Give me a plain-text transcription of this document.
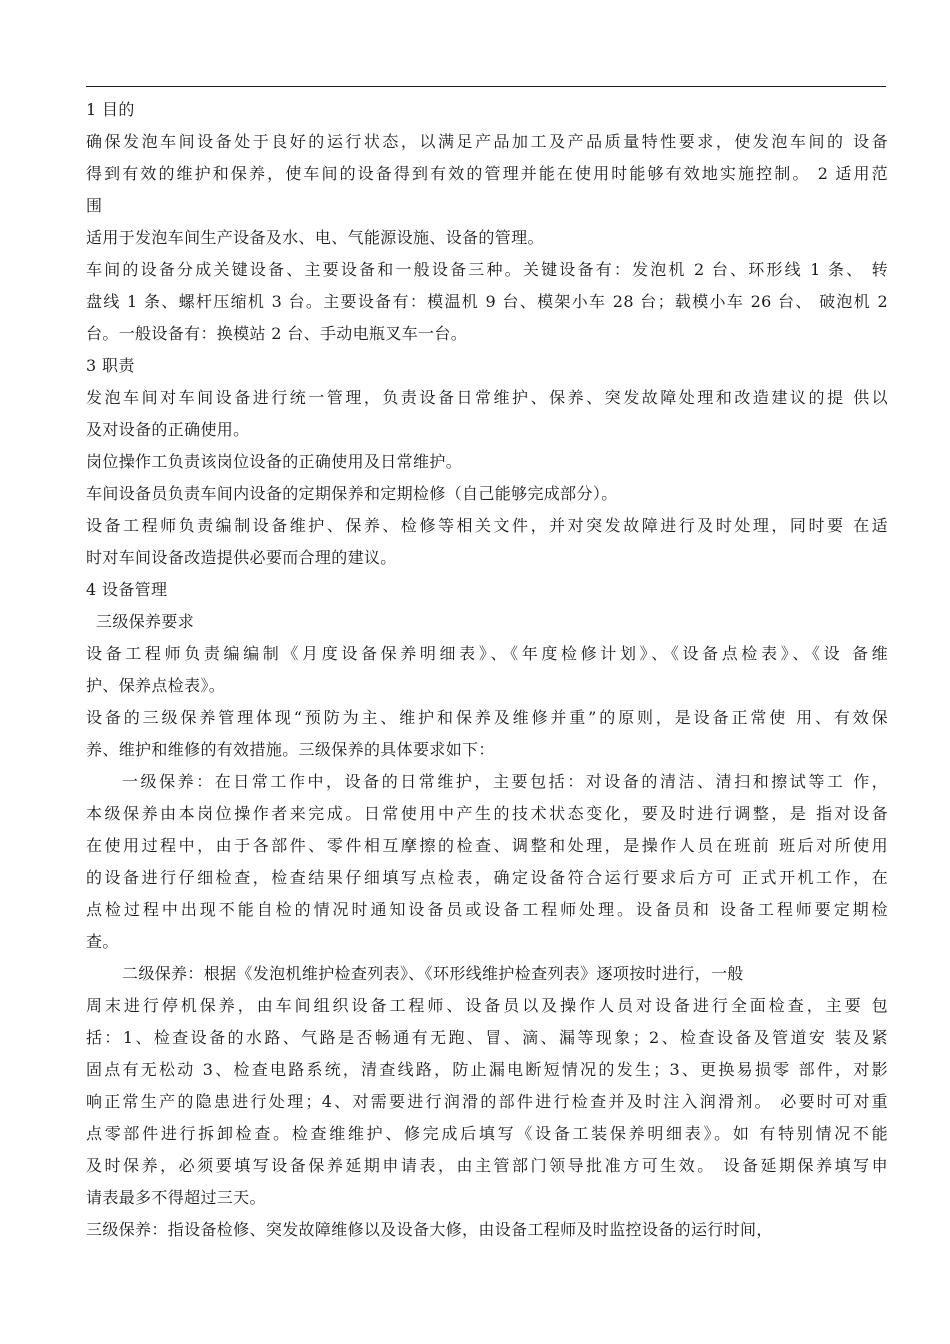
1 目的
确保发泡车间设备处于良好的运行状态，以满足产品加工及产品质量特性要求，使发泡车间的 设备
得到有效的维护和保养，使车间的设备得到有效的管理并能在使用时能够有效地实施控制。 2 适用范
围
适用于发泡车间生产设备及水、电、气能源设施、设备的管理。
车间的设备分成关键设备、主要设备和一般设备三种。关键设备有：发泡机 2 台、环形线 1 条、 转
盘线 1 条、螺杆压缩机 3 台。主要设备有：模温机 9 台、模架小车 28 台；载模小车 26 台、 破泡机 2
台。一般设备有：换模站 2 台、手动电瓶叉车一台。
3 职责
发泡车间对车间设备进行统一管理，负责设备日常维护、保养、突发故障处理和改造建议的提 供以
及对设备的正确使用。
岗位操作工负责该岗位设备的正确使用及日常维护。
车间设备员负责车间内设备的定期保养和定期检修（自己能够完成部分）。
设备工程师负责编制设备维护、保养、检修等相关文件，并对突发故障进行及时处理，同时要 在适
时对车间设备改造提供必要而合理的建议。
4 设备管理
三级保养要求
设备工程师负责编编制《月度设备保养明细表》、《年度检修计划》、《设备点检表》、《设 备维
护、保养点检表》。
设备的三级保养管理体现“预防为主、维护和保养及维修并重”的原则，是设备正常使 用、有效保
养、维护和维修的有效措施。三级保养的具体要求如下：
一级保养：在日常工作中，设备的日常维护，主要包括：对设备的清洁、清扫和擦试等工 作，
本级保养由本岗位操作者来完成。日常使用中产生的技术状态变化，要及时进行调整，是 指对设备
在使用过程中，由于各部件、零件相互摩擦的检查、调整和处理，是操作人员在班前 班后对所使用
的设备进行仔细检查，检查结果仔细填写点检表，确定设备符合运行要求后方可 正式开机工作，在
点检过程中出现不能自检的情况时通知设备员或设备工程师处理。设备员和 设备工程师要定期检
查。
二级保养：根据《发泡机维护检查列表》、《环形线维护检查列表》逐项按时进行，一般
周末进行停机保养，由车间组织设备工程师、设备员以及操作人员对设备进行全面检查，主要 包
括：1、检查设备的水路、气路是否畅通有无跑、冒、滴、漏等现象；2、检查设备及管道安 装及紧
固点有无松动 3、检查电路系统，清查线路，防止漏电断短情况的发生；3、更换易损零 部件，对影
响正常生产的隐患进行处理；4、对需要进行润滑的部件进行检查并及时注入润滑剂。 必要时可对重
点零部件进行拆卸检查。检查维维护、修完成后填写《设备工装保养明细表》。如 有特别情况不能
及时保养，必须要填写设备保养延期申请表，由主管部门领导批准方可生效。 设备延期保养填写申
请表最多不得超过三天。
三级保养：指设备检修、突发故障维修以及设备大修，由设备工程师及时监控设备的运行时间，
